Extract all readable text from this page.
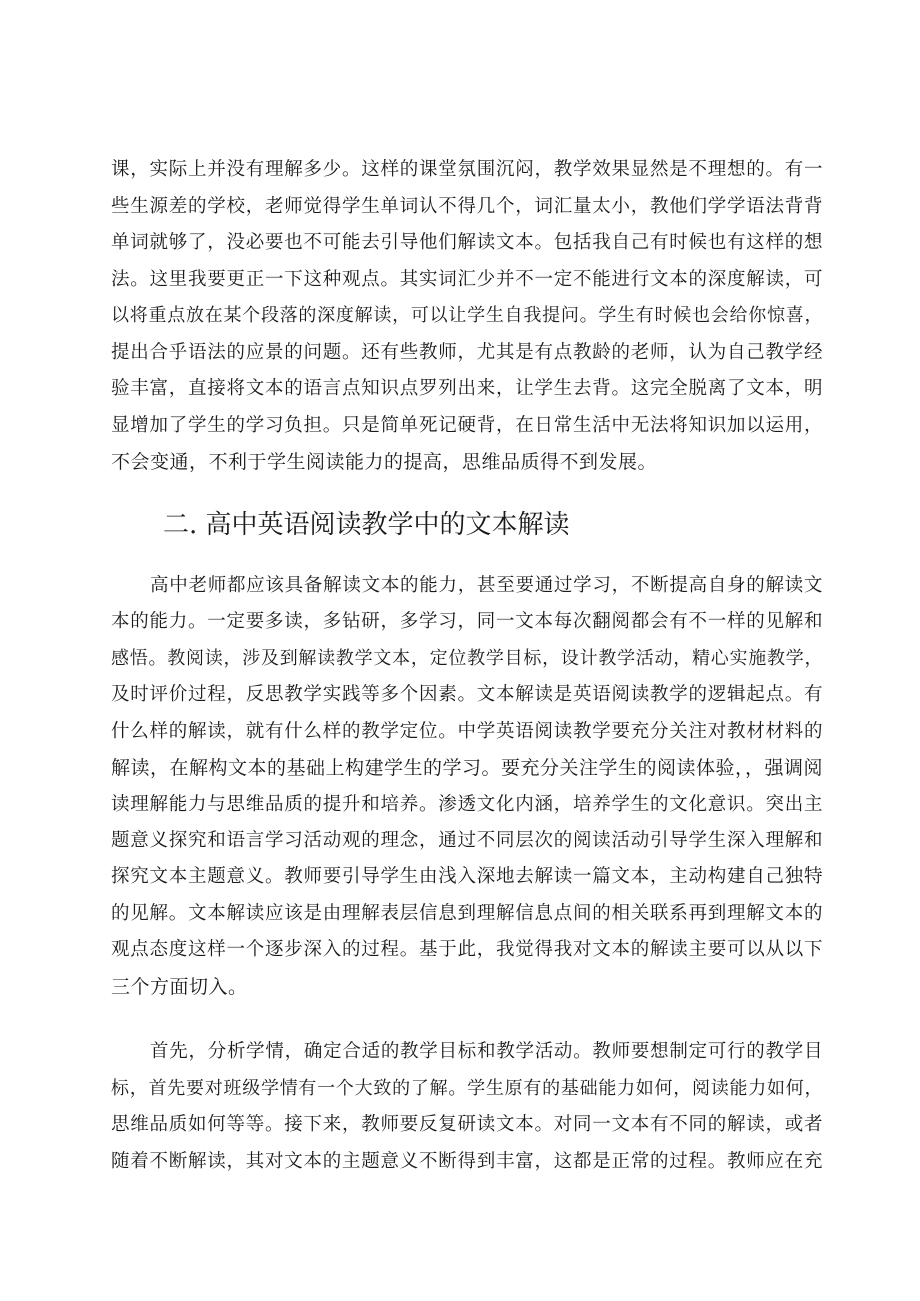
课，实际上并没有理解多少。这样的课堂氛围沉闷，教学效果显然是不理想的。有一
些生源差的学校，老师觉得学生单词认不得几个，词汇量太小，教他们学学语法背背
单词就够了，没必要也不可能去引导他们解读文本。包括我自己有时候也有这样的想
法。这里我要更正一下这种观点。其实词汇少并不一定不能进行文本的深度解读，可
以将重点放在某个段落的深度解读，可以让学生自我提问。学生有时候也会给你惊喜，
提出合乎语法的应景的问题。还有些教师，尤其是有点教龄的老师，认为自己教学经
验丰富，直接将文本的语言点知识点罗列出来，让学生去背。这完全脱离了文本，明
显增加了学生的学习负担。只是简单死记硬背，在日常生活中无法将知识加以运用，
不会变通，不利于学生阅读能力的提高，思维品质得不到发展。
二. 高中英语阅读教学中的文本解读
高中老师都应该具备解读文本的能力，甚至要通过学习，不断提高自身的解读文
本的能力。一定要多读，多钻研，多学习，同一文本每次翻阅都会有不一样的见解和
感悟。教阅读，涉及到解读教学文本，定位教学目标，设计教学活动，精心实施教学，
及时评价过程，反思教学实践等多个因素。文本解读是英语阅读教学的逻辑起点。有
什么样的解读，就有什么样的教学定位。中学英语阅读教学要充分关注对教材材料的
解读，在解构文本的基础上构建学生的学习。要充分关注学生的阅读体验，，强调阅
读理解能力与思维品质的提升和培养。渗透文化内涵，培养学生的文化意识。突出主
题意义探究和语言学习活动观的理念，通过不同层次的阅读活动引导学生深入理解和
探究文本主题意义。教师要引导学生由浅入深地去解读一篇文本，主动构建自己独特
的见解。文本解读应该是由理解表层信息到理解信息点间的相关联系再到理解文本的
观点态度这样一个逐步深入的过程。基于此，我觉得我对文本的解读主要可以从以下
三个方面切入。
首先，分析学情，确定合适的教学目标和教学活动。教师要想制定可行的教学目
标，首先要对班级学情有一个大致的了解。学生原有的基础能力如何，阅读能力如何，
思维品质如何等等。接下来，教师要反复研读文本。对同一文本有不同的解读，或者
随着不断解读，其对文本的主题意义不断得到丰富，这都是正常的过程。教师应在充
